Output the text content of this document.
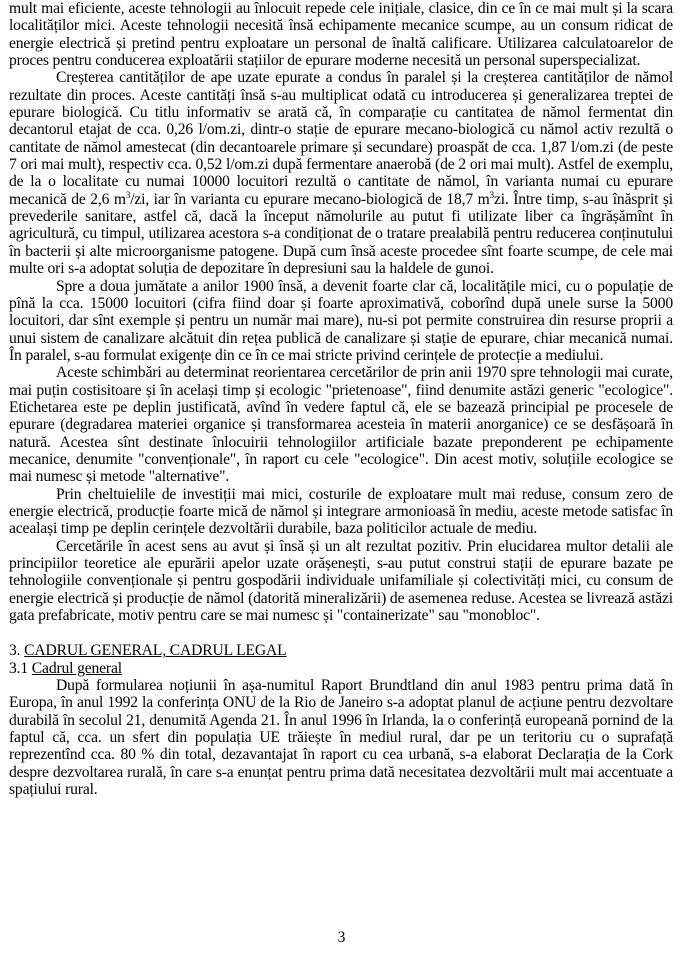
mult mai eficiente, aceste tehnologii au înlocuit repede cele inițiale, clasice, din ce în ce mai mult și la scara localităților mici. Aceste tehnologii necesită însă echipamente mecanice scumpe, au un consum ridicat de energie electrică și pretind pentru exploatare un personal de înaltă calificare. Utilizarea calculatoarelor de proces pentru conducerea exploatării stațiilor de epurare moderne necesită un personal superspecializat.

Creșterea cantităților de ape uzate epurate a condus în paralel și la creșterea cantităților de nămol rezultate din proces. Aceste cantități însă s-au multiplicat odată cu introducerea și generalizarea treptei de epurare biologică. Cu titlu informativ se arată că, în comparație cu cantitatea de nămol fermentat din decantorul etajat de cca. 0,26 l/om.zi, dintr-o stație de epurare mecano-biologică cu nămol activ rezultă o cantitate de nămol amestecat (din decantoarele primare și secundare) proaspăt de cca. 1,87 l/om.zi (de peste 7 ori mai mult), respectiv cca. 0,52 l/om.zi după fermentare anaerobă (de 2 ori mai mult). Astfel de exemplu, de la o localitate cu numai 10000 locuitori rezultă o cantitate de nămol, în varianta numai cu epurare mecanică de 2,6 $m^3/zi$, iar în varianta cu epurare mecano-biologică de 18,7 $m^3zi$. Între timp, s-au înăsprit și prevederile sanitare, astfel că, dacă la început nămolurile au putut fi utilizate liber ca îngrășămînt în agricultură, cu timpul, utilizarea acestora s-a condiționat de o tratare prealabilă pentru reducerea conținutului în bacterii și alte microorganisme patogene. După cum însă aceste procedee sînt foarte scumpe, de cele mai multe ori s-a adoptat soluția de depozitare în depresiuni sau la haldele de gunoi.

Spre a doua jumătate a anilor 1900 însă, a devenit foarte clar că, localitățile mici, cu o populație de pînă la cca. 15000 locuitori (cifra fiind doar și foarte aproximativă, coborînd după unele surse la 5000 locuitori, dar sînt exemple și pentru un număr mai mare), nu-si pot permite construirea din resurse proprii a unui sistem de canalizare alcătuit din rețea publică de canalizare și stație de epurare, chiar mecanică numai. În paralel, s-au formulat exigențe din ce în ce mai stricte privind cerințele de protecție a mediului.

Aceste schimbări au determinat reorientarea cercetărilor de prin anii 1970 spre tehnologii mai curate, mai puțin costisitoare și în același timp și ecologic "prietenoase", fiind denumite astăzi generic "ecologice". Etichetarea este pe deplin justificată, avînd în vedere faptul că, ele se bazează principial pe procesele de epurare (degradarea materiei organice și transformarea acesteia în materii anorganice) ce se desfășoară în natură. Acestea sînt destinate înlocuirii tehnologiilor artificiale bazate preponderent pe echipamente mecanice, denumite "convenționale", în raport cu cele "ecologice". Din acest motiv, soluțiile ecologice se mai numesc și metode "alternative".

Prin cheltuielile de investiții mai mici, costurile de exploatare mult mai reduse, consum zero de energie electrică, producție foarte mică de nămol și integrare armonioasă în mediu, aceste metode satisfac în acealași timp pe deplin cerințele dezvoltării durabile, baza politicilor actuale de mediu.

Cercetările în acest sens au avut și însă și un alt rezultat pozitiv. Prin elucidarea multor detalii ale principiilor teoretice ale epurării apelor uzate orășenești, s-au putut construi stații de epurare bazate pe tehnologiile convenționale și pentru gospodării individuale unifamiliale și colectivități mici, cu consum de energie electrică și producție de nămol (datorită mineralizării) de asemenea reduse. Acestea se livrează astăzi gata prefabricate, motiv pentru care se mai numesc și "containerizate" sau "monobloc".

3. CADRUL GENERAL, CADRUL LEGAL

3.1 Cadrul general

După formularea noțiunii în așa-numitul Raport Brundtland din anul 1983 pentru prima dată în Europa, în anul 1992 la conferința ONU de la Rio de Janeiro s-a adoptat planul de acțiune pentru dezvoltare durabilă în secolul 21, denumită Agenda 21. În anul 1996 în Irlanda, la o conferință europeană pornind de la faptul că, cca. un sfert din populația UE trăiește în mediul rural, dar pe un teritoriu cu o suprafață reprezentînd cca. 80 % din total, dezavantajat în raport cu cea urbană, s-a elaborat Declarația de la Cork despre dezvoltarea rurală, în care s-a enunțat pentru prima dată necesitatea dezvoltării mult mai accentuate a spațiului rural.

3
